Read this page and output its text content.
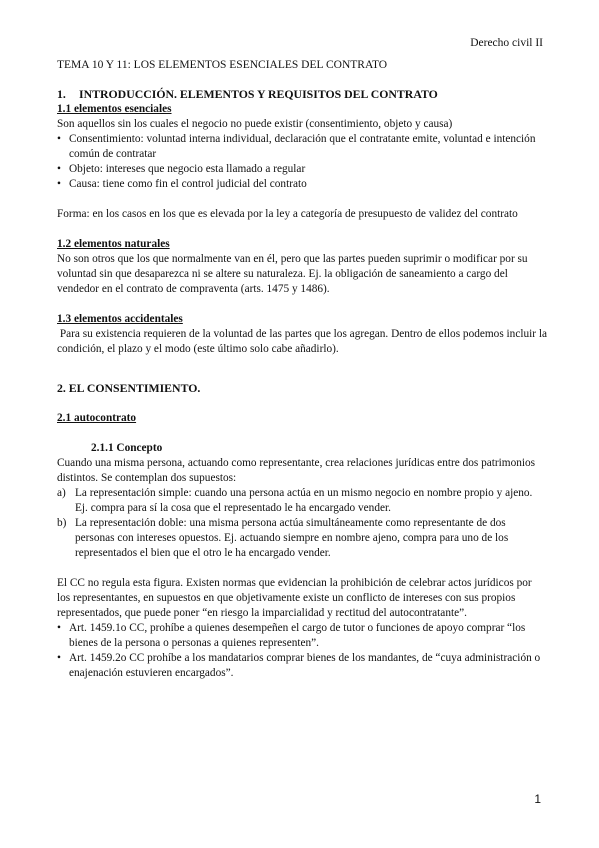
Derecho civil II

TEMA 10 Y 11: LOS ELEMENTOS ESENCIALES DEL CONTRATO

1. INTRODUCCIÓN. ELEMENTOS Y REQUISITOS DEL CONTRATO

1.1 elementos esenciales

Son aquellos sin los cuales el negocio no puede existir (consentimiento, objeto y causa)

• Consentimiento: voluntad interna individual, declaración que el contratante emite, voluntad e intención común de contratar
• Objeto: intereses que negocio esta llamado a regular
• Causa: tiene como fin el control judicial del contrato

Forma: en los casos en los que es elevada por la ley a categoría de presupuesto de validez del contrato

1.2 elementos naturales

No son otros que los que normalmente van en él, pero que las partes pueden suprimir o modificar por su voluntad sin que desaparezca ni se altere su naturaleza. Ej. la obligación de saneamiento a cargo del vendedor en el contrato de compraventa (arts. 1475 y 1486).

1.3 elementos accidentales

Para su existencia requieren de la voluntad de las partes que los agregan. Dentro de ellos podemos incluir la condición, el plazo y el modo (este último solo cabe añadirlo).

2. EL CONSENTIMIENTO.

2.1 autocontrato

2.1.1 Concepto

Cuando una misma persona, actuando como representante, crea relaciones jurídicas entre dos patrimonios distintos. Se contemplan dos supuestos:

a) La representación simple: cuando una persona actúa en un mismo negocio en nombre propio y ajeno. Ej. compra para sí la cosa que el representado le ha encargado vender.
b) La representación doble: una misma persona actúa simultáneamente como representante de dos personas con intereses opuestos. Ej. actuando siempre en nombre ajeno, compra para uno de los representados el bien que el otro le ha encargado vender.

El CC no regula esta figura. Existen normas que evidencian la prohibición de celebrar actos jurídicos por los representantes, en supuestos en que objetivamente existe un conflicto de intereses con sus propios representados, que puede poner “en riesgo la imparcialidad y rectitud del autocontratante”.

• Art. 1459.1o CC, prohíbe a quienes desempeñen el cargo de tutor o funciones de apoyo comprar “los bienes de la persona o personas a quienes representen”.
• Art. 1459.2o CC prohíbe a los mandatarios comprar bienes de los mandantes, de “cuya administración o enajenación estuvieren encargados”.
1
